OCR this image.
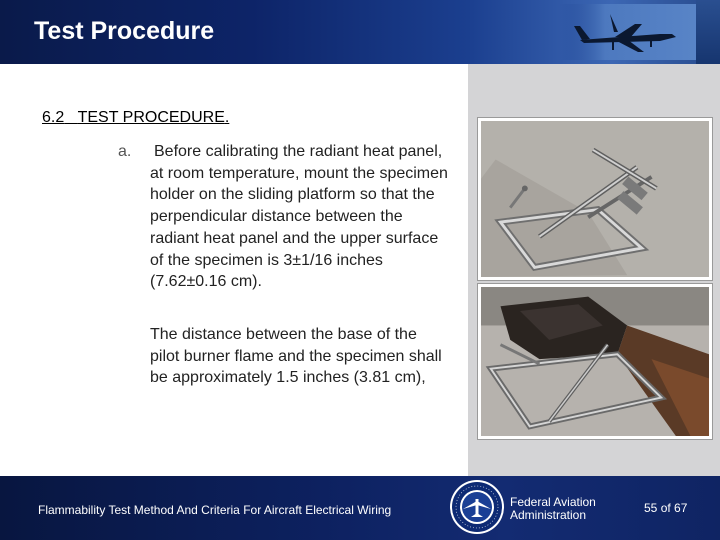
Test Procedure
6.2 TEST PROCEDURE.
a. Before calibrating the radiant heat panel, at room temperature, mount the specimen holder on the sliding platform so that the perpendicular distance between the radiant heat panel and the upper surface of the specimen is 3±1/16 inches (7.62±0.16 cm).
The distance between the base of the pilot burner flame and the specimen shall be approximately 1.5 inches (3.81 cm),
Flammability Test Method And Criteria For Aircraft Electrical Wiring
Federal Aviation
Administration	55 of 67
